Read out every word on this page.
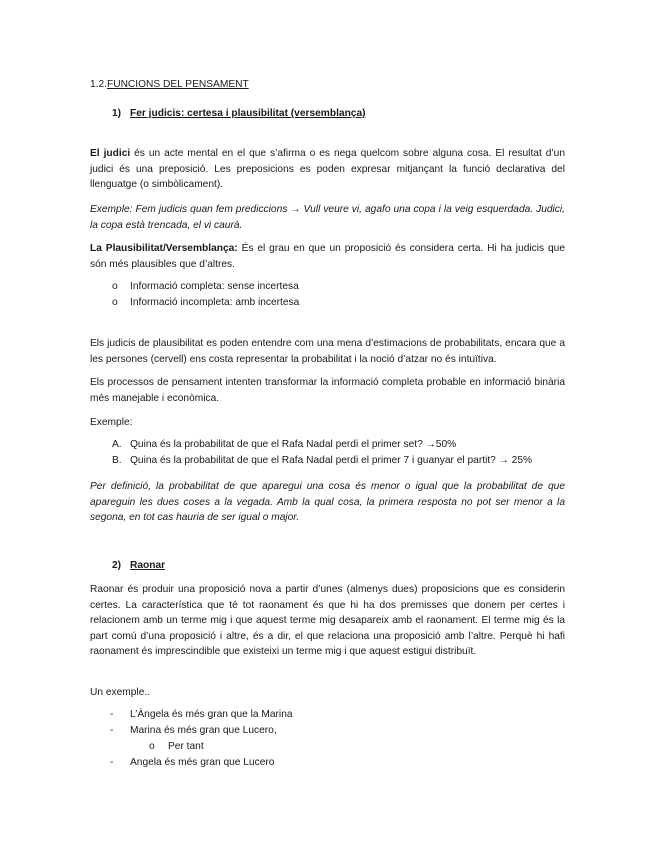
1.2.FUNCIONS DEL PENSAMENT
1) Fer judicis: certesa i plausibilitat (versemblança)
El judici és un acte mental en el que s’afirma o es nega quelcom sobre alguna cosa. El resultat d’un judici és una preposició. Les preposicions es poden expresar mitjançant la funció declarativa del llenguatge (o simbòlicament).
Exemple: Fem judicis quan fem prediccions → Vull veure vi, agafo una copa i la veig esquerdada. Judici, la copa està trencada, el vi caurà.
La Plausibilitat/Versemblança: És el grau en que un proposició és considera certa. Hi ha judicis que són més plausibles que d’altres.
o Informació completa: sense incertesa
o Informació incompleta: amb incertesa
Els judicis de plausibilitat es poden entendre com una mena d’estimacions de probabilitats, encara que a les persones (cervell) ens costa representar la probabilitat i la noció d’atzar no és intuïtiva.
Els processos de pensament intenten transformar la informació completa probable en informació binària més manejable i econòmica.
Exemple:
A. Quina és la probabilitat de que el Rafa Nadal perdi el primer set? →50%
B. Quina és la probabilitat de que el Rafa Nadal perdi el primer 7 i guanyar el partit? → 25%
Per definició, la probabilitat de que aparegui una cosa és menor o igual que la probabilitat de que apareguin les dues coses a la vegada. Amb la qual cosa, la primera resposta no pot ser menor a la segona, en tot cas hauria de ser igual o major.
2) Raonar
Raonar és produir una proposició nova a partir d’unes (almenys dues) proposicions que es considerin certes. La característica que té tot raonament és que hi ha dos premisses que donem per certes i relacionem amb un terme mig i que aquest terme mig desapareix amb el raonament. El terme mig és la part comú d’una proposició i altre, és a dir, el que relaciona una proposició amb l’altre. Perquè hi hafi raonament és imprescindible que existeixi un terme mig i que aquest estigui distribuït.
Un exemple..
- L’Àngela és més gran que la Marina
- Marina és més gran que Lucero,
o Per tant
- Angela és més gran que Lucero
